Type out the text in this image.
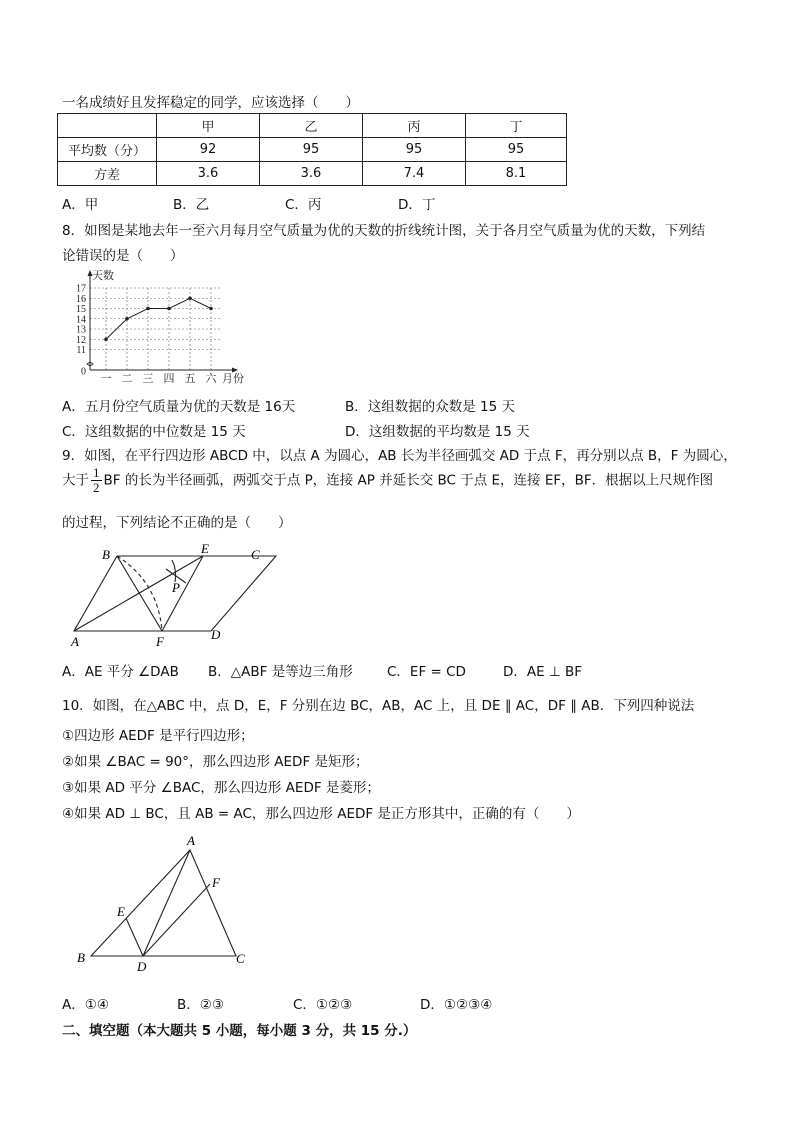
一名成绩好且发挥稳定的同学，应该选择（　　）
	甲	乙	丙	丁
平均数（分）	92	95	95	95
方差	3.6	3.6	7.4	8.1
A．甲	B．乙	C．丙	D．丁
8．如图是某地去年一至六月每月空气质量为优的天数的折线统计图，关于各月空气质量为优的天数，下列结
论错误的是（　　）
0
11
12
13
14
15
16
17
天数
一 二 三 四 五 六 月份
A．五月份空气质量为优的天数是 16天	B．这组数据的众数是 15 天
C．这组数据的中位数是 15 天	D．这组数据的平均数是 15 天
9．如图，在平行四边形 ABCD 中，以点 A 为圆心，AB 长为半径画弧交 AD 于点 F，再分别以点 B，F 为圆心，
大于 $\frac{1}{2}$ BF 的长为半径画弧，两弧交于点 P，连接 AP 并延长交 BC 于点 E，连接 EF，BF．根据以上尺规作图
的过程，下列结论不正确的是（　　）
B	E	C
P
A	F	D
A．AE 平分 ∠DAB B．△ABF 是等边三角形	C．EF = CD	D．AE ⊥ BF
10．如图，在△ABC 中，点 D，E，F 分别在边 BC，AB，AC 上，且 DE ∥ AC，DF ∥ AB．下列四种说法
①四边形 AEDF 是平行四边形；
②如果 ∠BAC = 90°，那么四边形 AEDF 是矩形；
③如果 AD 平分 ∠BAC，那么四边形 AEDF 是菱形；
④如果 AD ⊥ BC，且 AB = AC，那么四边形 AEDF 是正方形其中，正确的有（　　）
A
F
E
B
D
C
A．①④	B．②③	C．①②③	D．①②③④
二、填空题（本大题共 5 小题，每小题 3 分，共 15 分.）
